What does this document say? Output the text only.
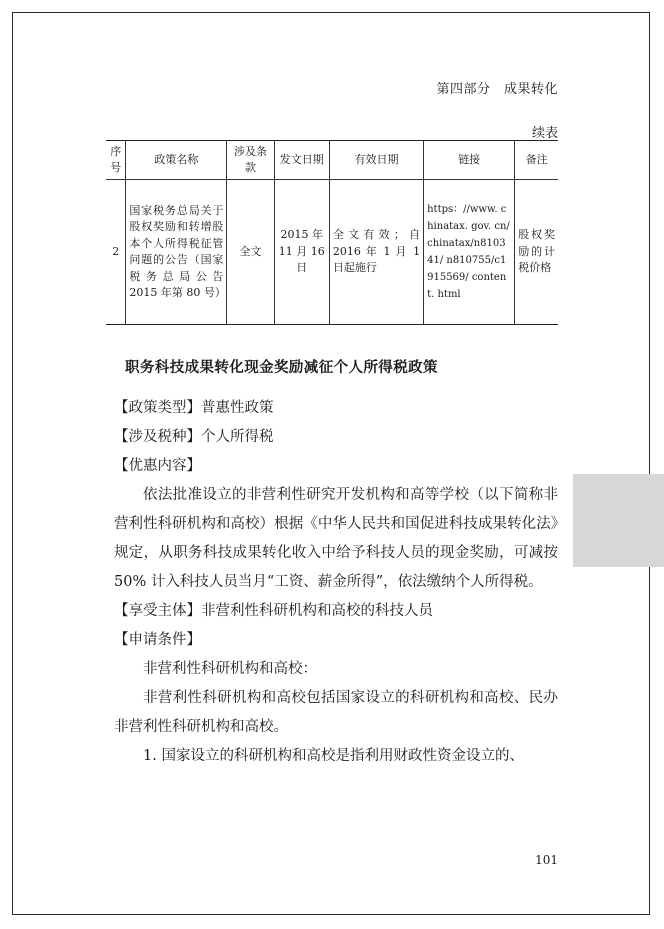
第四部分　成果转化
续表
序号	政策名称	涉及条款	发文日期	有效日期	链接	备注
2	国家税务总局关于股权奖励和转增股本个人所得税征管问题的公告（国家税务总局公告 2015 年第 80 号）	全文	2015 年 11 月 16 日	全文有效；自 2016 年 1 月 1 日起施行	https：//www. chinatax. gov. cn/ chinatax/n810341/ n810755/c1915569/ content. html	股权奖励的计税价格
职务科技成果转化现金奖励减征个人所得税政策

【政策类型】普惠性政策

【涉及税种】个人所得税

【优惠内容】

依法批准设立的非营利性研究开发机构和高等学校（以下简称非营利性科研机构和高校）根据《中华人民共和国促进科技成果转化法》规定，从职务科技成果转化收入中给予科技人员的现金奖励，可减按 50% 计入科技人员当月“工资、薪金所得”，依法缴纳个人所得税。

【享受主体】非营利性科研机构和高校的科技人员

【申请条件】

非营利性科研机构和高校：

非营利性科研机构和高校包括国家设立的科研机构和高校、民办非营利性科研机构和高校。

1. 国家设立的科研机构和高校是指利用财政性资金设立的、

101
